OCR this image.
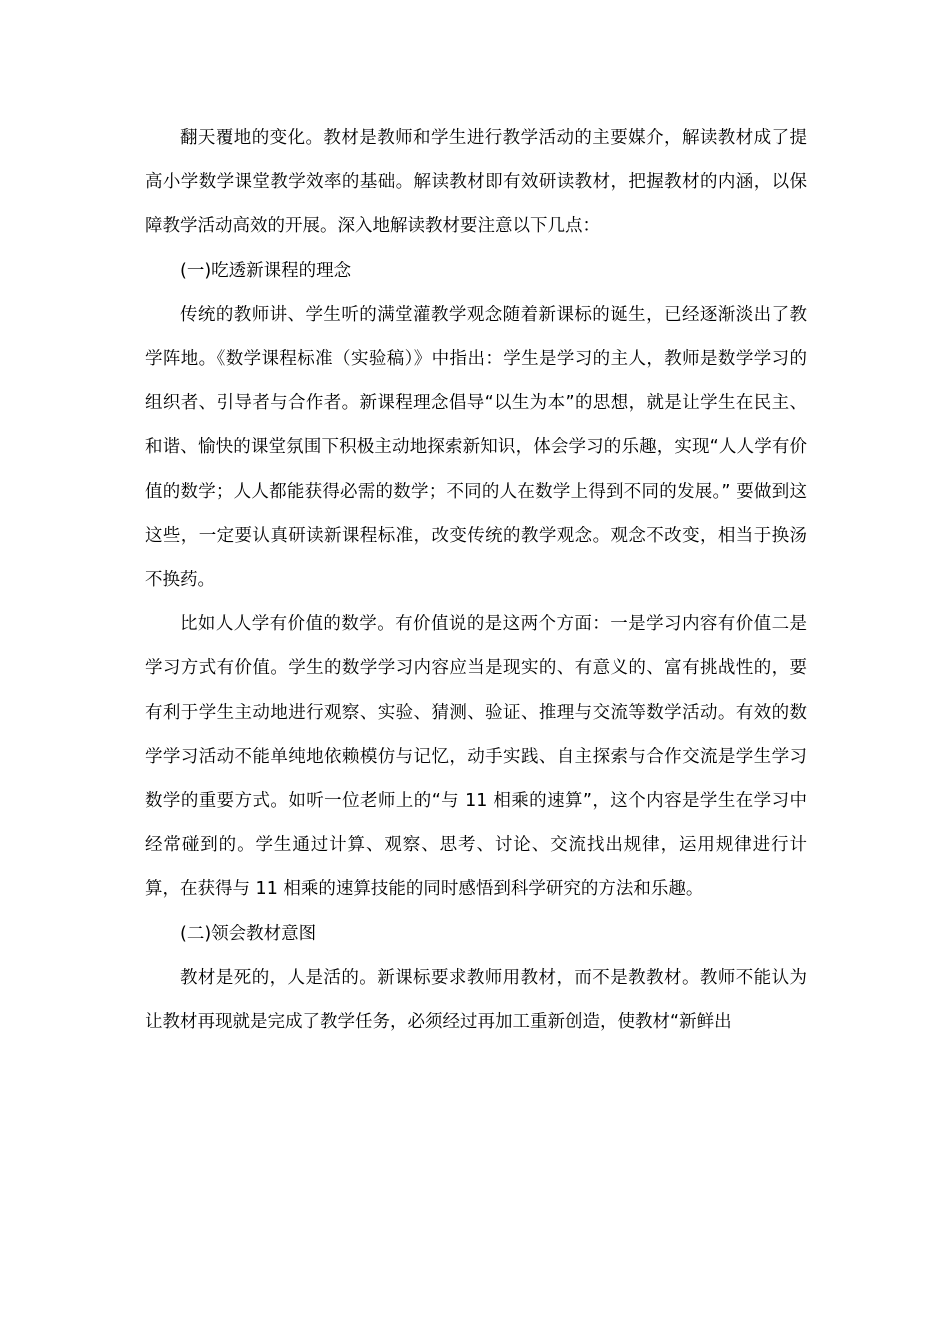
翻天覆地的变化。教材是教师和学生进行教学活动的主要媒介，解读教材成了提高小学数学课堂教学效率的基础。解读教材即有效研读教材，把握教材的内涵，以保障教学活动高效的开展。深入地解读教材要注意以下几点：

(一)吃透新课程的理念

传统的教师讲、学生听的满堂灌教学观念随着新课标的诞生，已经逐渐淡出了教学阵地。《数学课程标准（实验稿）》中指出：学生是学习的主人，教师是数学学习的组织者、引导者与合作者。新课程理念倡导“以生为本”的思想，就是让学生在民主、和谐、愉快的课堂氛围下积极主动地探索新知识，体会学习的乐趣，实现“人人学有价值的数学；人人都能获得必需的数学；不同的人在数学上得到不同的发展。” 要做到这这些，一定要认真研读新课程标准，改变传统的教学观念。观念不改变，相当于换汤不换药。

比如人人学有价值的数学。有价值说的是这两个方面：一是学习内容有价值二是学习方式有价值。学生的数学学习内容应当是现实的、有意义的、富有挑战性的，要有利于学生主动地进行观察、实验、猜测、验证、推理与交流等数学活动。有效的数学学习活动不能单纯地依赖模仿与记忆，动手实践、自主探索与合作交流是学生学习数学的重要方式。如听一位老师上的“与 11 相乘的速算”，这个内容是学生在学习中经常碰到的。学生通过计算、观察、思考、讨论、交流找出规律，运用规律进行计算，在获得与 11 相乘的速算技能的同时感悟到科学研究的方法和乐趣。

(二)领会教材意图

教材是死的，人是活的。新课标要求教师用教材，而不是教教材。教师不能认为让教材再现就是完成了教学任务，必须经过再加工重新创造，使教材“新鲜出
